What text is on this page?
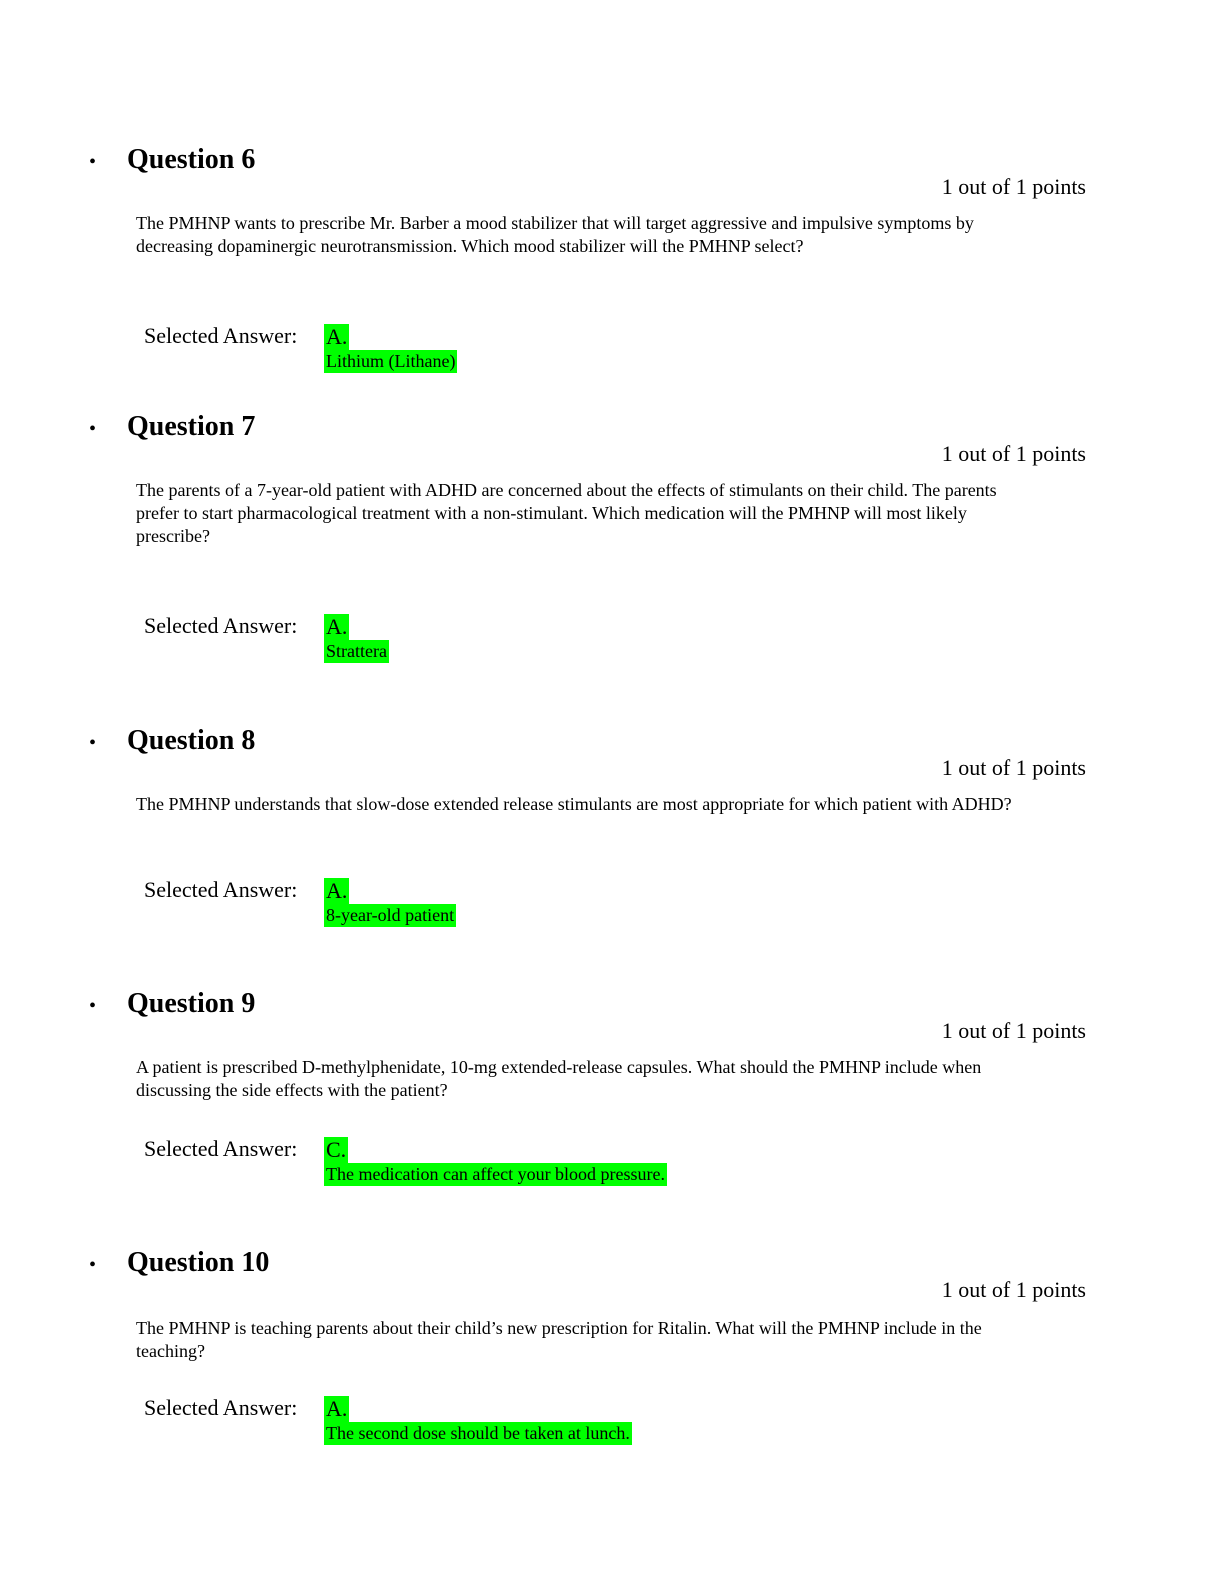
• Question 6
1 out of 1 points
The PMHNP wants to prescribe Mr. Barber a mood stabilizer that will target aggressive and impulsive symptoms by decreasing dopaminergic neurotransmission. Which mood stabilizer will the PMHNP select?
Selected Answer: A.
Lithium (Lithane)
• Question 7
1 out of 1 points
The parents of a 7-year-old patient with ADHD are concerned about the effects of stimulants on their child. The parents prefer to start pharmacological treatment with a non-stimulant. Which medication will the PMHNP will most likely prescribe?
Selected Answer: A.
Strattera
• Question 8
1 out of 1 points
The PMHNP understands that slow-dose extended release stimulants are most appropriate for which patient with ADHD?
Selected Answer: A.
8-year-old patient
• Question 9
1 out of 1 points
A patient is prescribed D-methylphenidate, 10-mg extended-release capsules. What should the PMHNP include when discussing the side effects with the patient?
Selected Answer: C.
The medication can affect your blood pressure.
• Question 10
1 out of 1 points
The PMHNP is teaching parents about their child’s new prescription for Ritalin. What will the PMHNP include in the teaching?
Selected Answer: A.
The second dose should be taken at lunch.
